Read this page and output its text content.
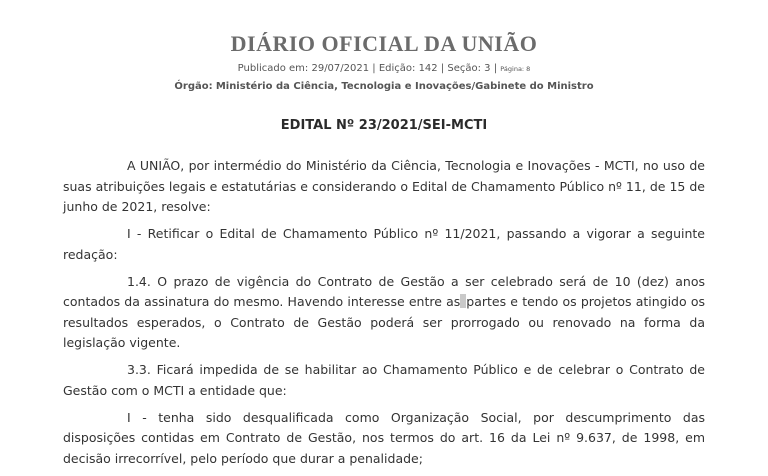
DIÁRIO OFICIAL DA UNIÃO
Publicado em: 29/07/2021 | Edição: 142 | Seção: 3 | Página: 8
Órgão: Ministério da Ciência, Tecnologia e Inovações/Gabinete do Ministro
EDITAL Nº 23/2021/SEI-MCTI

A UNIÃO, por intermédio do Ministério da Ciência, Tecnologia e Inovações - MCTI, no uso de suas atribuições legais e estatutárias e considerando o Edital de Chamamento Público nº 11, de 15 de junho de 2021, resolve:

I - Retificar o Edital de Chamamento Público nº 11/2021, passando a vigorar a seguinte redação:

1.4. O prazo de vigência do Contrato de Gestão a ser celebrado será de 10 (dez) anos contados da assinatura do mesmo. Havendo interesse entre as partes e tendo os projetos atingido os resultados esperados, o Contrato de Gestão poderá ser prorrogado ou renovado na forma da legislação vigente.

3.3. Ficará impedida de se habilitar ao Chamamento Público e de celebrar o Contrato de Gestão com o MCTI a entidade que:

I - tenha sido desqualificada como Organização Social, por descumprimento das disposições contidas em Contrato de Gestão, nos termos do art. 16 da Lei nº 9.637, de 1998, em decisão irrecorrível, pelo período que durar a penalidade;
